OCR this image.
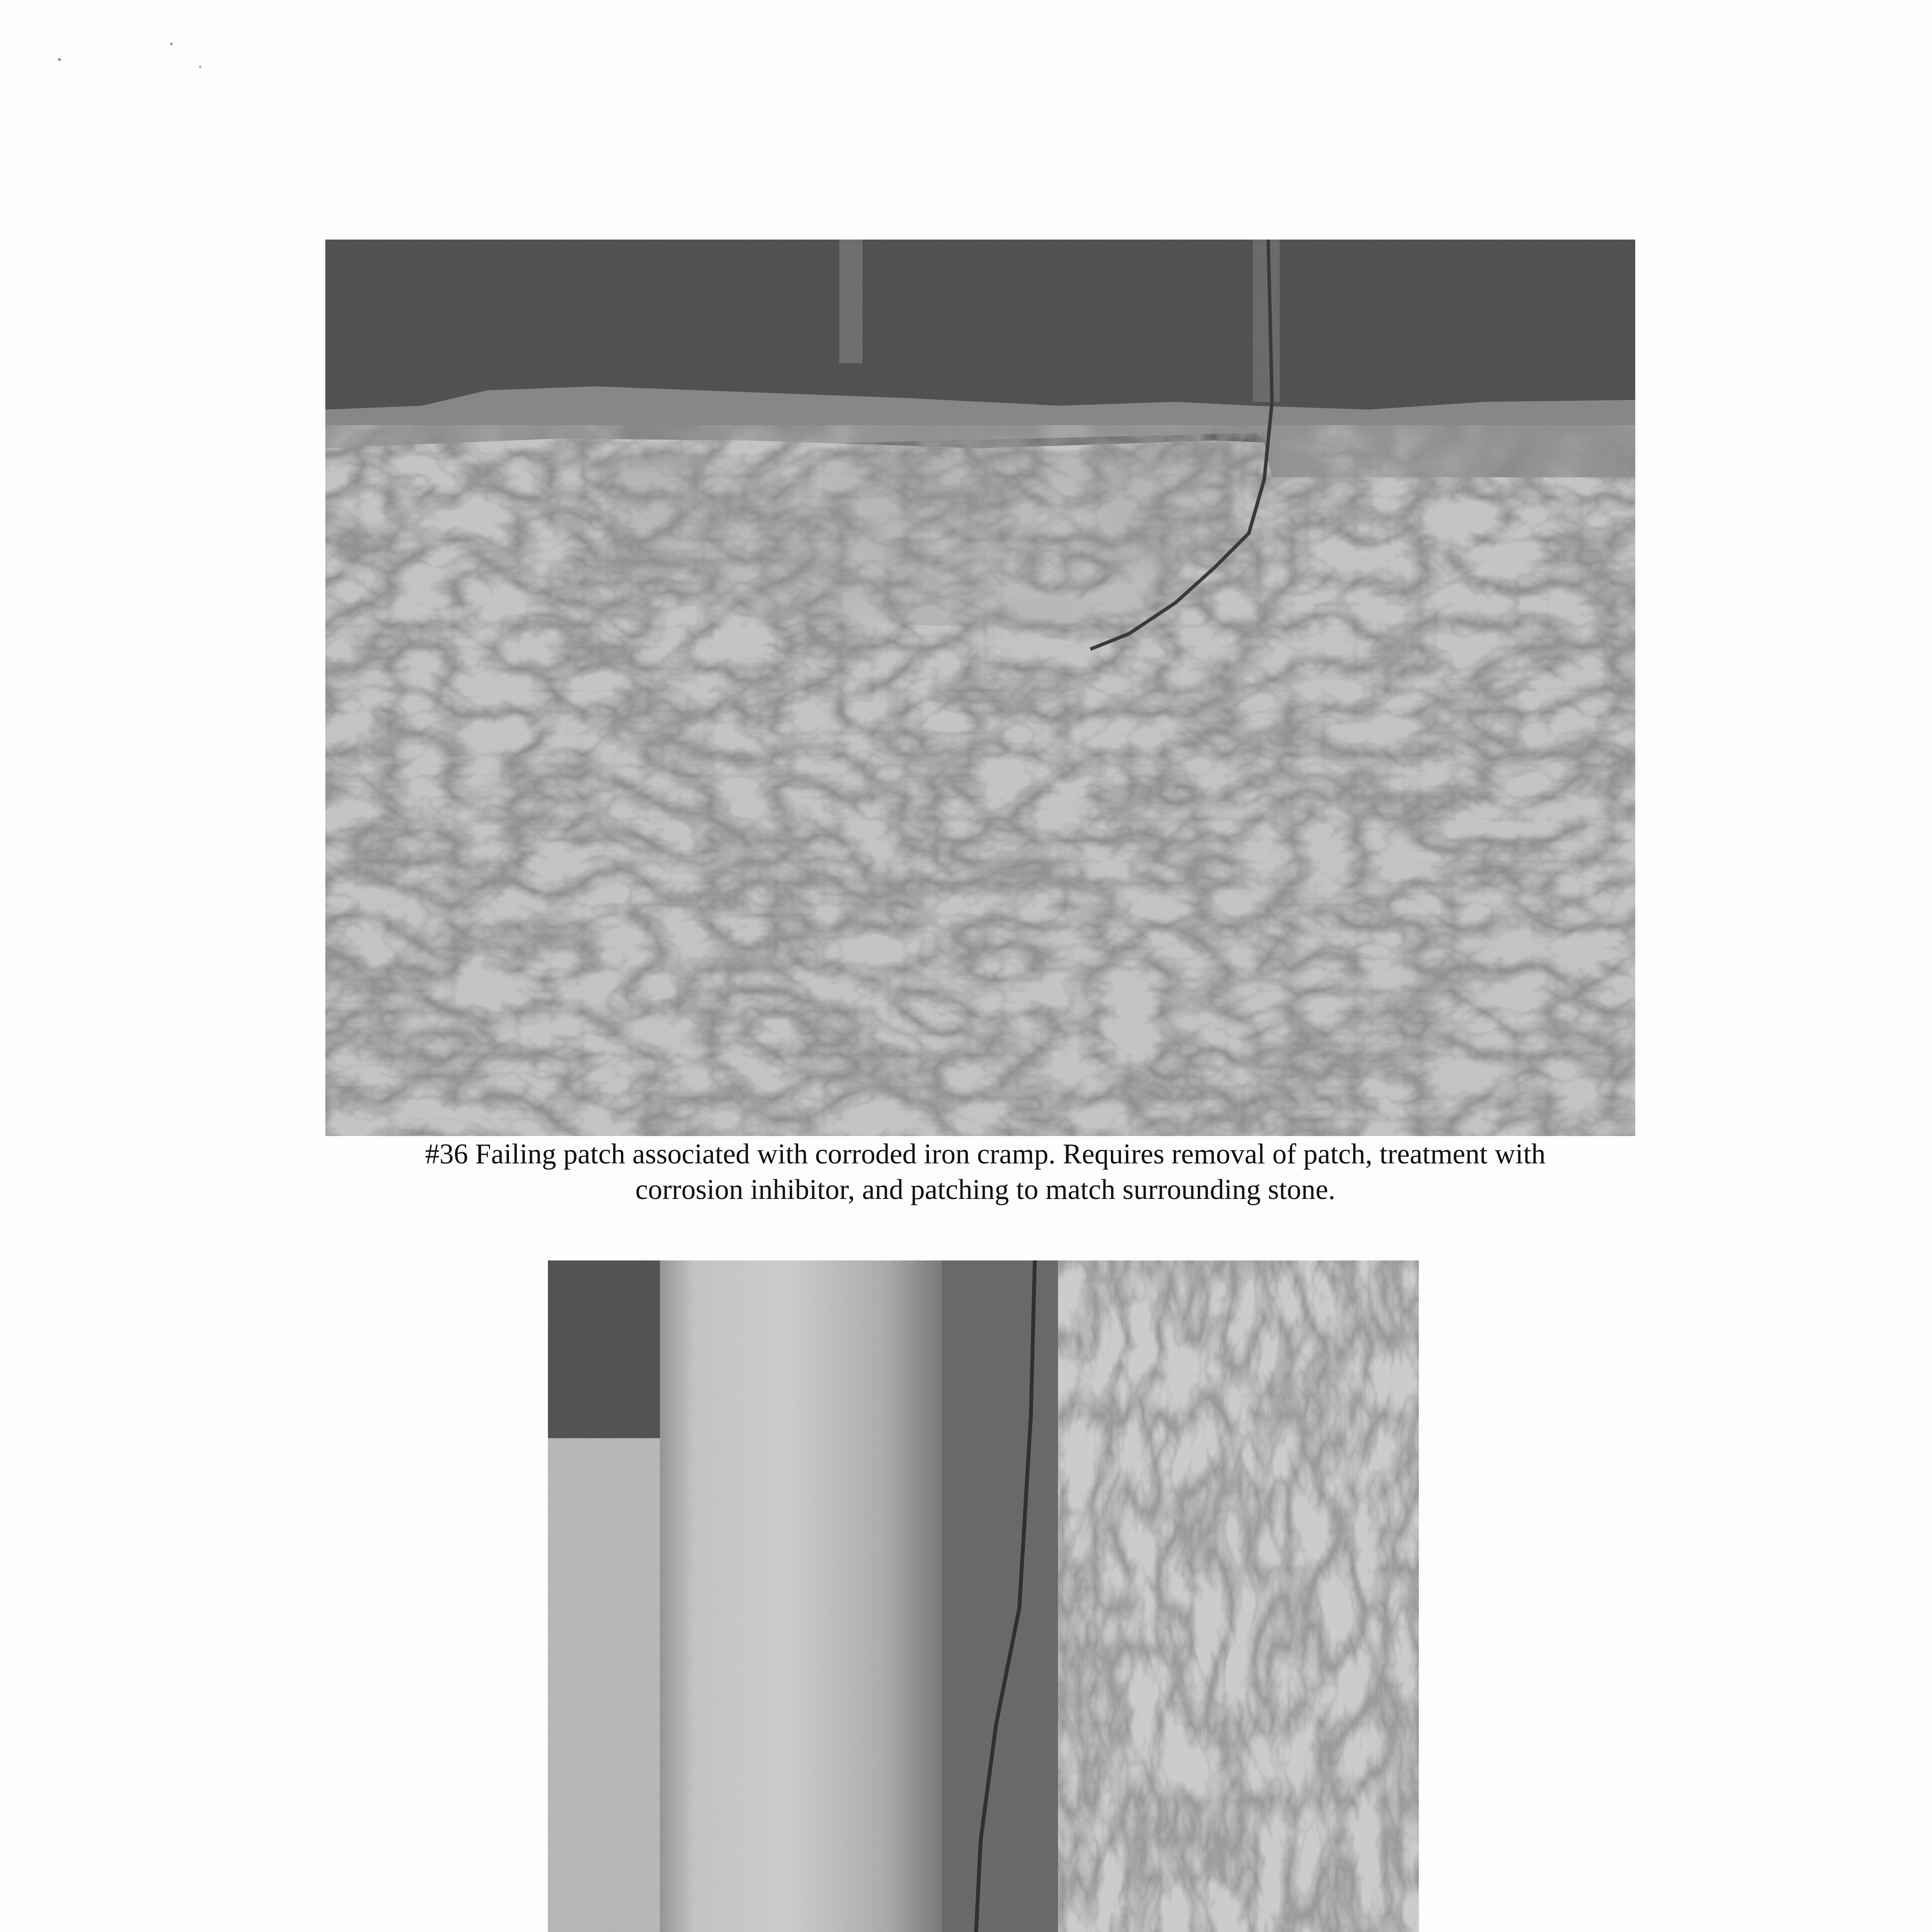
#36 Failing patch associated with corroded iron cramp. Requires removal of patch, treatment with
corrosion inhibitor, and patching to match surrounding stone.
